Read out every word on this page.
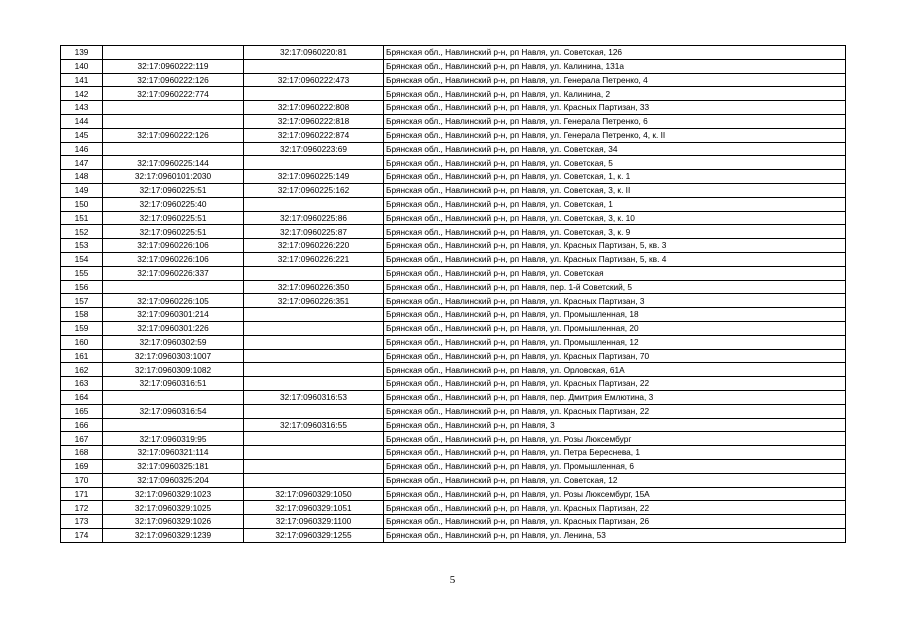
139		32:17:0960220:81	Брянская обл., Навлинский р-н, рп Навля, ул. Советская, 126
140	32:17:0960222:119		Брянская обл., Навлинский р-н, рп Навля, ул. Калинина, 131а
141	32:17:0960222:126	32:17:0960222:473	Брянская обл., Навлинский р-н, рп Навля, ул. Генерала Петренко, 4
142	32:17:0960222:774		Брянская обл., Навлинский р-н, рп Навля, ул. Калинина, 2
143		32:17:0960222:808	Брянская обл., Навлинский р-н, рп Навля, ул. Красных Партизан, 33
144		32:17:0960222:818	Брянская обл., Навлинский р-н, рп Навля, ул. Генерала Петренко, 6
145	32:17:0960222:126	32:17:0960222:874	Брянская обл., Навлинский р-н, рп Навля, ул. Генерала Петренко, 4, к. II
146		32:17:0960223:69	Брянская обл., Навлинский р-н, рп Навля, ул. Советская, 34
147	32:17:0960225:144		Брянская обл., Навлинский р-н, рп Навля, ул. Советская, 5
148	32:17:0960101:2030	32:17:0960225:149	Брянская обл., Навлинский р-н, рп Навля, ул. Советская, 1, к. 1
149	32:17:0960225:51	32:17:0960225:162	Брянская обл., Навлинский р-н, рп Навля, ул. Советская, 3, к. II
150	32:17:0960225:40		Брянская обл., Навлинский р-н, рп Навля, ул. Советская, 1
151	32:17:0960225:51	32:17:0960225:86	Брянская обл., Навлинский р-н, рп Навля, ул. Советская, 3, к. 10
152	32:17:0960225:51	32:17:0960225:87	Брянская обл., Навлинский р-н, рп Навля, ул. Советская, 3, к. 9
153	32:17:0960226:106	32:17:0960226:220	Брянская обл., Навлинский р-н, рп Навля, ул. Красных Партизан, 5, кв. 3
154	32:17:0960226:106	32:17:0960226:221	Брянская обл., Навлинский р-н, рп Навля, ул. Красных Партизан, 5, кв. 4
155	32:17:0960226:337		Брянская обл., Навлинский р-н, рп Навля, ул. Советская
156		32:17:0960226:350	Брянская обл., Навлинский р-н, рп Навля, пер. 1-й Советский, 5
157	32:17:0960226:105	32:17:0960226:351	Брянская обл., Навлинский р-н, рп Навля, ул. Красных Партизан, 3
158	32:17:0960301:214		Брянская обл., Навлинский р-н, рп Навля, ул. Промышленная, 18
159	32:17:0960301:226		Брянская обл., Навлинский р-н, рп Навля, ул. Промышленная, 20
160	32:17:0960302:59		Брянская обл., Навлинский р-н, рп Навля, ул. Промышленная, 12
161	32:17:0960303:1007		Брянская обл., Навлинский р-н, рп Навля, ул. Красных Партизан, 70
162	32:17:0960309:1082		Брянская обл., Навлинский р-н, рп Навля, ул. Орловская, 61А
163	32:17:0960316:51		Брянская обл., Навлинский р-н, рп Навля, ул. Красных Партизан, 22
164		32:17:0960316:53	Брянская обл., Навлинский р-н, рп Навля, пер. Дмитрия Емлютина, 3
165	32:17:0960316:54		Брянская обл., Навлинский р-н, рп Навля, ул. Красных Партизан, 22
166		32:17:0960316:55	Брянская обл., Навлинский р-н, рп Навля, 3
167	32:17:0960319:95		Брянская обл., Навлинский р-н, рп Навля, ул. Розы Люксембург
168	32:17:0960321:114		Брянская обл., Навлинский р-н, рп Навля, ул. Петра Береснева, 1
169	32:17:0960325:181		Брянская обл., Навлинский р-н, рп Навля, ул. Промышленная, 6
170	32:17:0960325:204		Брянская обл., Навлинский р-н, рп Навля, ул. Советская, 12
171	32:17:0960329:1023	32:17:0960329:1050	Брянская обл., Навлинский р-н, рп Навля, ул. Розы Люксембург, 15А
172	32:17:0960329:1025	32:17:0960329:1051	Брянская обл., Навлинский р-н, рп Навля, ул. Красных Партизан, 22
173	32:17:0960329:1026	32:17:0960329:1100	Брянская обл., Навлинский р-н, рп Навля, ул. Красных Партизан, 26
174	32:17:0960329:1239	32:17:0960329:1255	Брянская обл., Навлинский р-н, рп Навля, ул. Ленина, 53
5
